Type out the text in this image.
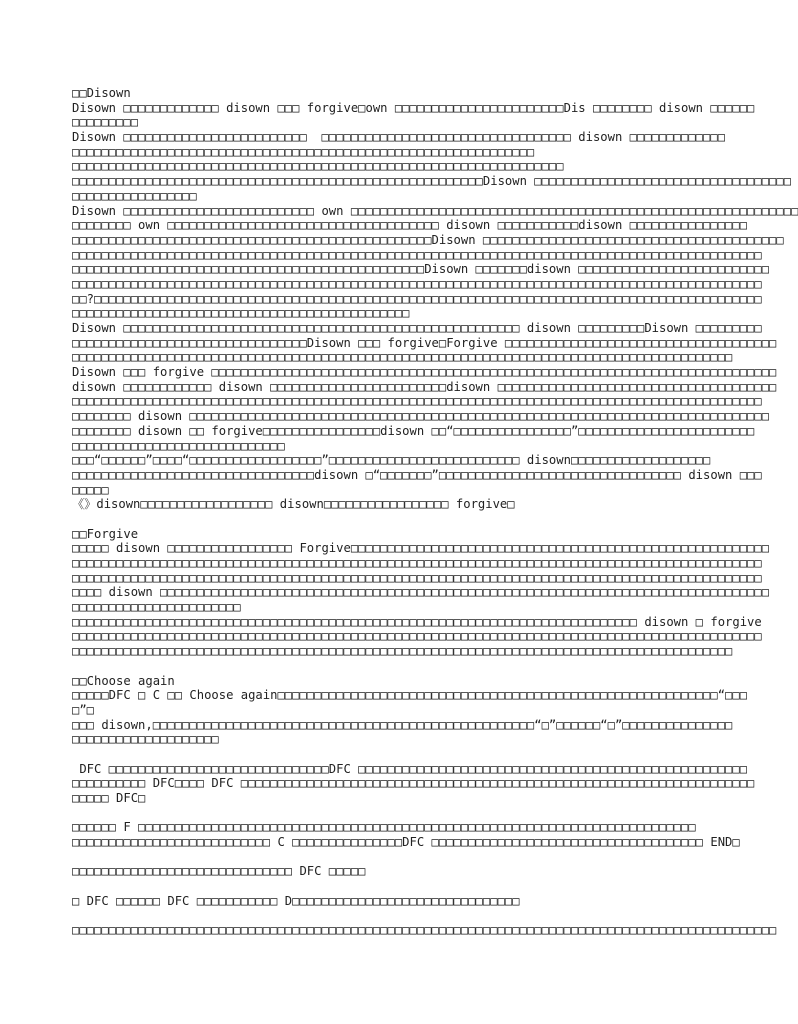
□□Disown
Disown □□□□□□□□□□□□□ disown □□□ forgive□own □□□□□□□□□□□□□□□□□□□□□□□Dis □□□□□□□□ disown □□□□□□
□□□□□□□□□
Disown □□□□□□□□□□□□□□□□□□□□□□□□□  □□□□□□□□□□□□□□□□□□□□□□□□□□□□□□□□□□ disown □□□□□□□□□□□□□
□□□□□□□□□□□□□□□□□□□□□□□□□□□□□□□□□□□□□□□□□□□□□□□□□□□□□□□□□□□□□□□
□□□□□□□□□□□□□□□□□□□□□□□□□□□□□□□□□□□□□□□□□□□□□□□□□□□□□□□□□□□□□□□□□□□
□□□□□□□□□□□□□□□□□□□□□□□□□□□□□□□□□□□□□□□□□□□□□□□□□□□□□□□□Disown □□□□□□□□□□□□□□□□□□□□□□□□□□□□□□□□□□□
□□□□□□□□□□□□□□□□□
Disown □□□□□□□□□□□□□□□□□□□□□□□□□□ own □□□□□□□□□□□□□□□□□□□□□□□□□□□□□□□□□□□□□□□□□□□□□□□□□□□□□□□□□□□□□
□□□□□□□□ own □□□□□□□□□□□□□□□□□□□□□□□□□□□□□□□□□□□□□ disown □□□□□□□□□□□disown □□□□□□□□□□□□□□□□
□□□□□□□□□□□□□□□□□□□□□□□□□□□□□□□□□□□□□□□□□□□□□□□□□Disown □□□□□□□□□□□□□□□□□□□□□□□□□□□□□□□□□□□□□□□□□
□□□□□□□□□□□□□□□□□□□□□□□□□□□□□□□□□□□□□□□□□□□□□□□□□□□□□□□□□□□□□□□□□□□□□□□□□□□□□□□□□□□□□□□□□□□□□□
□□□□□□□□□□□□□□□□□□□□□□□□□□□□□□□□□□□□□□□□□□□□□□□□Disown □□□□□□□disown □□□□□□□□□□□□□□□□□□□□□□□□□□
□□□□□□□□□□□□□□□□□□□□□□□□□□□□□□□□□□□□□□□□□□□□□□□□□□□□□□□□□□□□□□□□□□□□□□□□□□□□□□□□□□□□□□□□□□□□□□
□□?□□□□□□□□□□□□□□□□□□□□□□□□□□□□□□□□□□□□□□□□□□□□□□□□□□□□□□□□□□□□□□□□□□□□□□□□□□□□□□□□□□□□□□□□□□□
□□□□□□□□□□□□□□□□□□□□□□□□□□□□□□□□□□□□□□□□□□□□□□
Disown □□□□□□□□□□□□□□□□□□□□□□□□□□□□□□□□□□□□□□□□□□□□□□□□□□□□□□ disown □□□□□□□□□Disown □□□□□□□□□
□□□□□□□□□□□□□□□□□□□□□□□□□□□□□□□□Disown □□□ forgive□Forgive □□□□□□□□□□□□□□□□□□□□□□□□□□□□□□□□□□□□□
□□□□□□□□□□□□□□□□□□□□□□□□□□□□□□□□□□□□□□□□□□□□□□□□□□□□□□□□□□□□□□□□□□□□□□□□□□□□□□□□□□□□□□□□□□
Disown □□□ forgive □□□□□□□□□□□□□□□□□□□□□□□□□□□□□□□□□□□□□□□□□□□□□□□□□□□□□□□□□□□□□□□□□□□□□□□□□□□□□
disown □□□□□□□□□□□□ disown □□□□□□□□□□□□□□□□□□□□□□□□disown □□□□□□□□□□□□□□□□□□□□□□□□□□□□□□□□□□□□□□
□□□□□□□□□□□□□□□□□□□□□□□□□□□□□□□□□□□□□□□□□□□□□□□□□□□□□□□□□□□□□□□□□□□□□□□□□□□□□□□□□□□□□□□□□□□□□□
□□□□□□□□ disown □□□□□□□□□□□□□□□□□□□□□□□□□□□□□□□□□□□□□□□□□□□□□□□□□□□□□□□□□□□□□□□□□□□□□□□□□□□□□□□
□□□□□□□□ disown □□ forgive□□□□□□□□□□□□□□□□disown □□“□□□□□□□□□□□□□□□□”□□□□□□□□□□□□□□□□□□□□□□□□
□□□□□□□□□□□□□□□□□□□□□□□□□□□□□
□□□“□□□□□□”□□□□“□□□□□□□□□□□□□□□□□□”□□□□□□□□□□□□□□□□□□□□□□□□□□ disown□□□□□□□□□□□□□□□□□□□
□□□□□□□□□□□□□□□□□□□□□□□□□□□□□□□□□disown □“□□□□□□□”□□□□□□□□□□□□□□□□□□□□□□□□□□□□□□□□□ disown □□□
□□□□□
《》disown□□□□□□□□□□□□□□□□□□ disown□□□□□□□□□□□□□□□□□ forgive□
□□Forgive
□□□□□ disown □□□□□□□□□□□□□□□□□ Forgive□□□□□□□□□□□□□□□□□□□□□□□□□□□□□□□□□□□□□□□□□□□□□□□□□□□□□□□□□
□□□□□□□□□□□□□□□□□□□□□□□□□□□□□□□□□□□□□□□□□□□□□□□□□□□□□□□□□□□□□□□□□□□□□□□□□□□□□□□□□□□□□□□□□□□□□□
□□□□□□□□□□□□□□□□□□□□□□□□□□□□□□□□□□□□□□□□□□□□□□□□□□□□□□□□□□□□□□□□□□□□□□□□□□□□□□□□□□□□□□□□□□□□□□
□□□□ disown □□□□□□□□□□□□□□□□□□□□□□□□□□□□□□□□□□□□□□□□□□□□□□□□□□□□□□□□□□□□□□□□□□□□□□□□□□□□□□□□□□□
□□□□□□□□□□□□□□□□□□□□□□□
□□□□□□□□□□□□□□□□□□□□□□□□□□□□□□□□□□□□□□□□□□□□□□□□□□□□□□□□□□□□□□□□□□□□□□□□□□□□□ disown □ forgive
□□□□□□□□□□□□□□□□□□□□□□□□□□□□□□□□□□□□□□□□□□□□□□□□□□□□□□□□□□□□□□□□□□□□□□□□□□□□□□□□□□□□□□□□□□□□□□
□□□□□□□□□□□□□□□□□□□□□□□□□□□□□□□□□□□□□□□□□□□□□□□□□□□□□□□□□□□□□□□□□□□□□□□□□□□□□□□□□□□□□□□□□□
□□Choose again
□□□□□DFC □ C □□ Choose again□□□□□□□□□□□□□□□□□□□□□□□□□□□□□□□□□□□□□□□□□□□□□□□□□□□□□□□□□□□□“□□□
□”□
□□□ disown,□□□□□□□□□□□□□□□□□□□□□□□□□□□□□□□□□□□□□□□□□□□□□□□□□□□□“□”□□□□□□“□”□□□□□□□□□□□□□□□
□□□□□□□□□□□□□□□□□□□□
DFC □□□□□□□□□□□□□□□□□□□□□□□□□□□□□□DFC □□□□□□□□□□□□□□□□□□□□□□□□□□□□□□□□□□□□□□□□□□□□□□□□□□□□□
□□□□□□□□□□ DFC□□□□ DFC □□□□□□□□□□□□□□□□□□□□□□□□□□□□□□□□□□□□□□□□□□□□□□□□□□□□□□□□□□□□□□□□□□□□□□
□□□□□ DFC□
□□□□□□ F □□□□□□□□□□□□□□□□□□□□□□□□□□□□□□□□□□□□□□□□□□□□□□□□□□□□□□□□□□□□□□□□□□□□□□□□□□□□
□□□□□□□□□□□□□□□□□□□□□□□□□□□ C □□□□□□□□□□□□□□□DFC □□□□□□□□□□□□□□□□□□□□□□□□□□□□□□□□□□□□□ END□
□□□□□□□□□□□□□□□□□□□□□□□□□□□□□□ DFC □□□□□
□ DFC □□□□□□ DFC □□□□□□□□□□□ D□□□□□□□□□□□□□□□□□□□□□□□□□□□□□□□
□□□□□□□□□□□□□□□□□□□□□□□□□□□□□□□□□□□□□□□□□□□□□□□□□□□□□□□□□□□□□□□□□□□□□□□□□□□□□□□□□□□□□□□□□□□□□□□□
